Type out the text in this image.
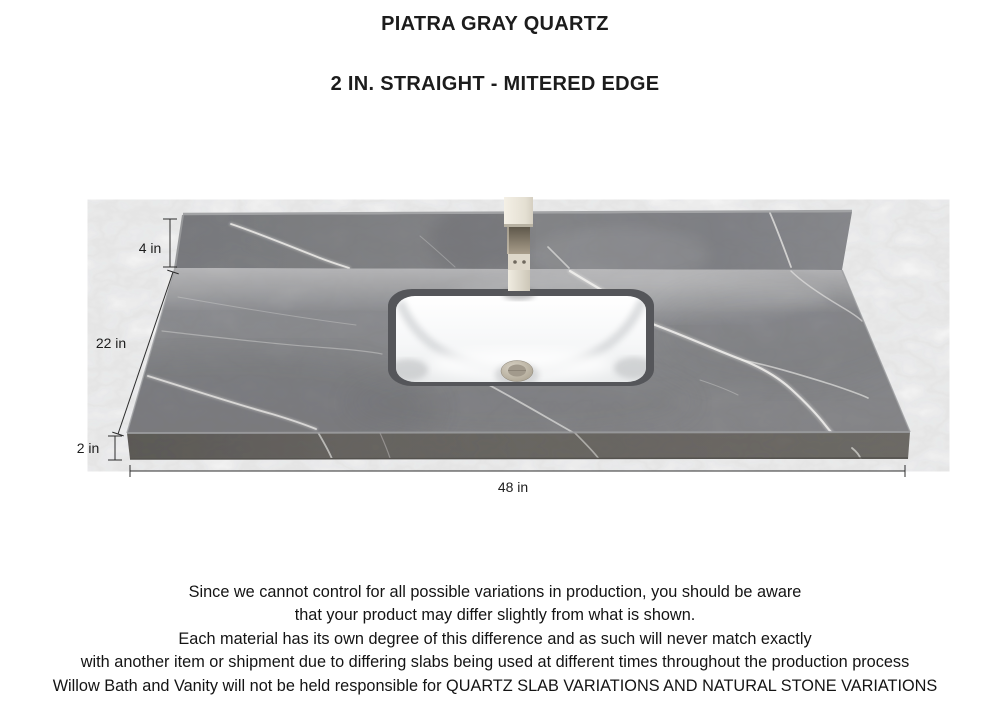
PIATRA GRAY QUARTZ
2 IN. STRAIGHT - MITERED EDGE
4 in
22 in
2 in
48 in
Since we cannot control for all possible variations in production, you should be aware
that your product may differ slightly from what is shown.
Each material has its own degree of this difference and as such will never match exactly
with another item or shipment due to differing slabs being used at different times throughout the production process
Willow Bath and Vanity will not be held responsible for QUARTZ SLAB VARIATIONS AND NATURAL STONE VARIATIONS
